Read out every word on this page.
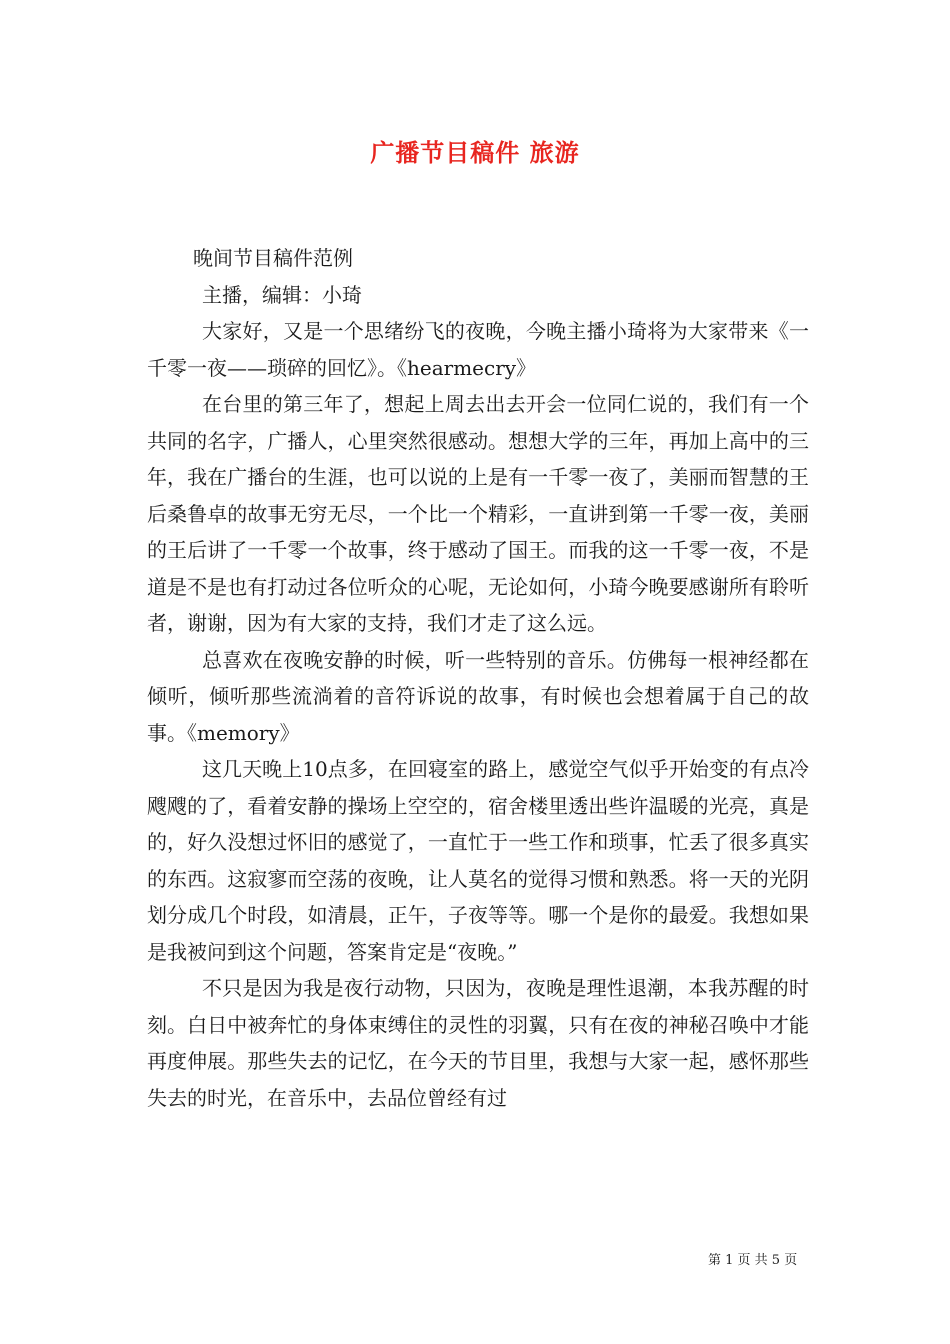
广播节目稿件 旅游

晚间节目稿件范例

主播，编辑：小琦

大家好，又是一个思绪纷飞的夜晚，今晚主播小琦将为大家带来《一千零一夜——琐碎的回忆》。《hearmecry》

在台里的第三年了，想起上周去出去开会一位同仁说的，我们有一个共同的名字，广播人，心里突然很感动。想想大学的三年，再加上高中的三年，我在广播台的生涯，也可以说的上是有一千零一夜了，美丽而智慧的王后桑鲁卓的故事无穷无尽，一个比一个精彩，一直讲到第一千零一夜，美丽的王后讲了一千零一个故事，终于感动了国王。而我的这一千零一夜，不是道是不是也有打动过各位听众的心呢，无论如何，小琦今晚要感谢所有聆听者，谢谢，因为有大家的支持，我们才走了这么远。

总喜欢在夜晚安静的时候，听一些特别的音乐。仿佛每一根神经都在倾听，倾听那些流淌着的音符诉说的故事，有时候也会想着属于自己的故事。《memory》

这几天晚上10点多，在回寝室的路上，感觉空气似乎开始变的有点冷飕飕的了，看着安静的操场上空空的，宿舍楼里透出些许温暖的光亮，真是的，好久没想过怀旧的感觉了，一直忙于一些工作和琐事，忙丢了很多真实的东西。这寂寥而空荡的夜晚，让人莫名的觉得习惯和熟悉。将一天的光阴划分成几个时段，如清晨，正午，子夜等等。哪一个是你的最爱。我想如果是我被问到这个问题，答案肯定是“夜晚。”

不只是因为我是夜行动物，只因为，夜晚是理性退潮，本我苏醒的时刻。白日中被奔忙的身体束缚住的灵性的羽翼，只有在夜的神秘召唤中才能再度伸展。那些失去的记忆，在今天的节目里，我想与大家一起，感怀那些失去的时光，在音乐中，去品位曾经有过

第 1 页 共 5 页
